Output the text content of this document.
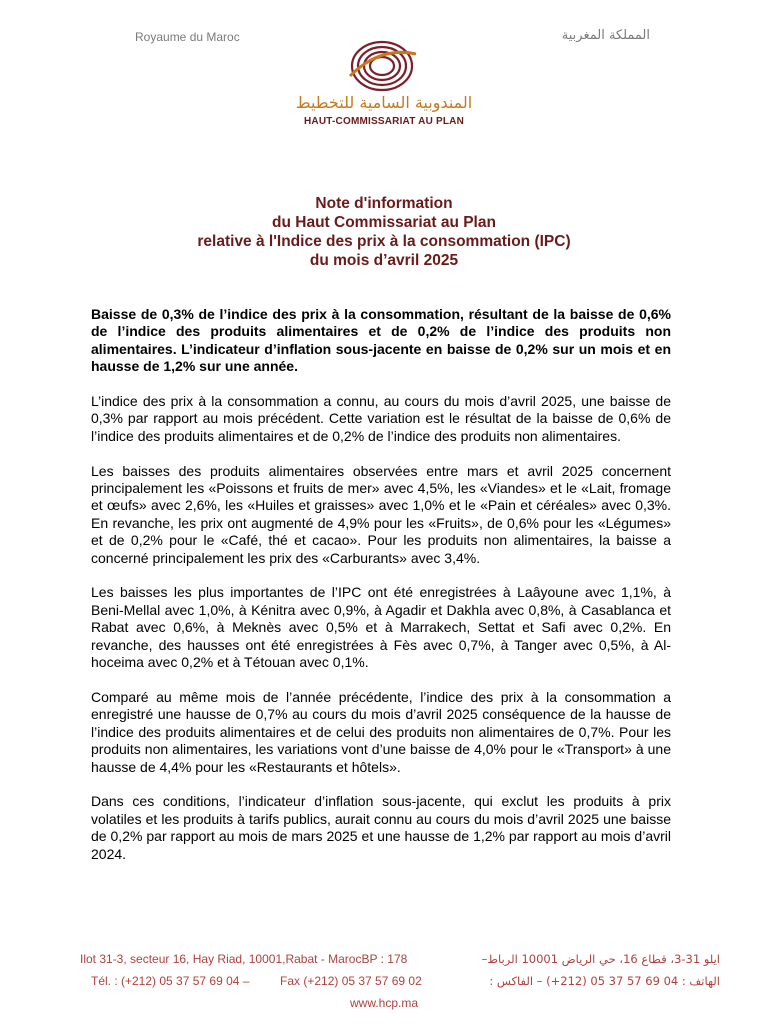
Royaume du Maroc	المملكة المغربية
المندوبية السامية للتخطيط
HAUT-COMMISSARIAT AU PLAN
Note d'information
du Haut Commissariat au Plan
relative à l'Indice des prix à la consommation (IPC)
du mois d’avril 2025

Baisse de 0,3% de l’indice des prix à la consommation, résultant de la baisse de 0,6% de l’indice des produits alimentaires et de 0,2% de l’indice des produits non alimentaires. L’indicateur d’inflation sous-jacente en baisse de 0,2% sur un mois et en hausse de 1,2% sur une année.

L’indice des prix à la consommation a connu, au cours du mois d’avril 2025, une baisse de 0,3% par rapport au mois précédent. Cette variation est le résultat de la baisse de 0,6% de l’indice des produits alimentaires et de 0,2% de l’indice des produits non alimentaires.

Les baisses des produits alimentaires observées entre mars et avril 2025 concernent principalement les «Poissons et fruits de mer» avec 4,5%, les «Viandes» et le «Lait, fromage et œufs» avec 2,6%, les «Huiles et graisses» avec 1,0% et le «Pain et céréales» avec 0,3%. En revanche, les prix ont augmenté de 4,9% pour les «Fruits», de 0,6% pour les «Légumes» et de 0,2% pour le «Café, thé et cacao». Pour les produits non alimentaires, la baisse a concerné principalement les prix des «Carburants» avec 3,4%.

Les baisses les plus importantes de l’IPC ont été enregistrées à Laâyoune avec 1,1%, à Beni-Mellal avec 1,0%, à Kénitra avec 0,9%, à Agadir et Dakhla avec 0,8%, à Casablanca et Rabat avec 0,6%, à Meknès avec 0,5% et à Marrakech, Settat et Safi avec 0,2%. En revanche, des hausses ont été enregistrées à Fès avec 0,7%, à Tanger avec 0,5%, à Al-hoceima avec 0,2% et à Tétouan avec 0,1%.

Comparé au même mois de l’année précédente, l’indice des prix à la consommation a enregistré une hausse de 0,7% au cours du mois d’avril 2025 conséquence de la hausse de l’indice des produits alimentaires et de celui des produits non alimentaires de 0,7%. Pour les produits non alimentaires, les variations vont d’une baisse de 4,0% pour le «Transport» à une hausse de 4,4% pour les «Restaurants et hôtels».

Dans ces conditions, l’indicateur d’inflation sous-jacente, qui exclut les produits à prix volatiles et les produits à tarifs publics, aurait connu au cours du mois d’avril 2025 une baisse de 0,2% par rapport au mois de mars 2025 et une hausse de 1,2% par rapport au mois d’avril 2024.

Ilot 31-3, secteur 16, Hay Riad, 10001,Rabat - MarocBP : 178	ايلو 31-3، قطاع 16، حي الرياض 10001 الرباط–
Tél. : (+212) 05 37 57 69 04 –	Fax (+212) 05 37 57 69 02	الهاتف : 04 69 57 37 05 (212+) – الفاكس :
www.hcp.ma
